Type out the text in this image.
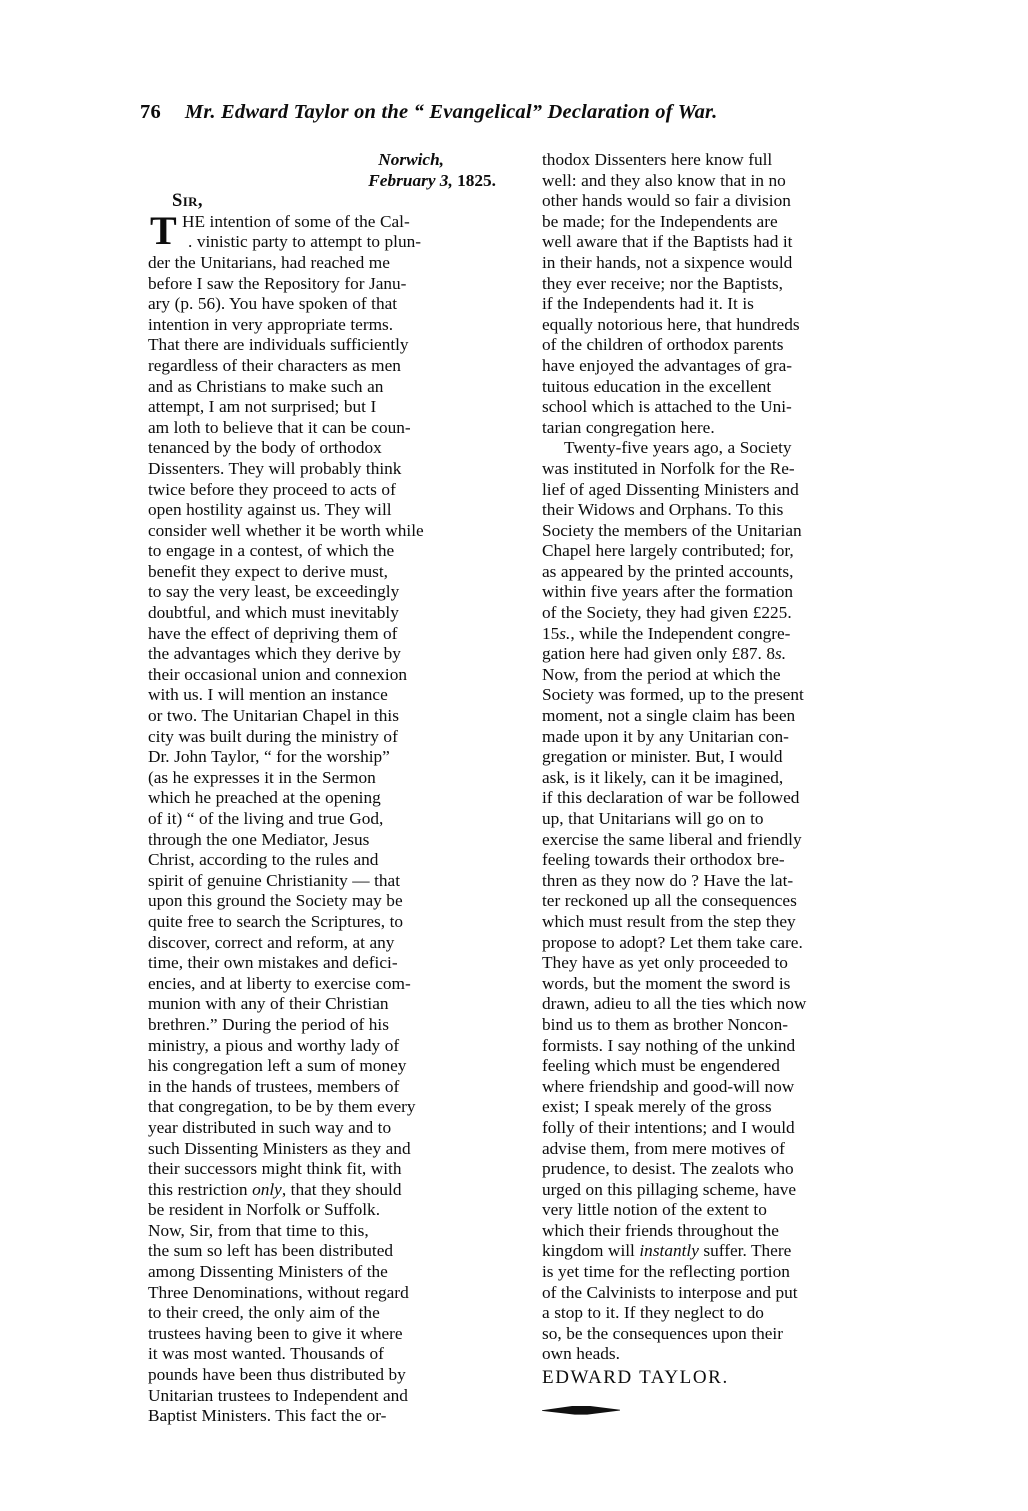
76 Mr. Edward Taylor on the “ Evangelical” Declaration of War.
Norwich,
February 3, 1825.
Sir,
T HE intention of some of the Cal-
. vinistic party to attempt to plun-
der the Unitarians, had reached me
before I saw the Repository for Janu-
ary (p. 56). You have spoken of that
intention in very appropriate terms.
That there are individuals sufficiently
regardless of their characters as men
and as Christians to make such an
attempt, I am not surprised; but I
am loth to believe that it can be coun-
tenanced by the body of orthodox
Dissenters. They will probably think
twice before they proceed to acts of
open hostility against us. They will
consider well whether it be worth while
to engage in a contest, of which the
benefit they expect to derive must,
to say the very least, be exceedingly
doubtful, and which must inevitably
have the effect of depriving them of
the advantages which they derive by
their occasional union and connexion
with us. I will mention an instance
or two. The Unitarian Chapel in this
city was built during the ministry of
Dr. John Taylor, “ for the worship”
(as he expresses it in the Sermon
which he preached at the opening
of it) “ of the living and true God,
through the one Mediator, Jesus
Christ, according to the rules and
spirit of genuine Christianity — that
upon this ground the Society may be
quite free to search the Scriptures, to
discover, correct and reform, at any
time, their own mistakes and defici-
encies, and at liberty to exercise com-
munion with any of their Christian
brethren.” During the period of his
ministry, a pious and worthy lady of
his congregation left a sum of money
in the hands of trustees, members of
that congregation, to be by them every
year distributed in such way and to
such Dissenting Ministers as they and
their successors might think fit, with
this restriction only, that they should
be resident in Norfolk or Suffolk.
Now, Sir, from that time to this,
the sum so left has been distributed
among Dissenting Ministers of the
Three Denominations, without regard
to their creed, the only aim of the
trustees having been to give it where
it was most wanted. Thousands of
pounds have been thus distributed by
Unitarian trustees to Independent and
Baptist Ministers. This fact the or-
thodox Dissenters here know full
well: and they also know that in no
other hands would so fair a division
be made; for the Independents are
well aware that if the Baptists had it
in their hands, not a sixpence would
they ever receive; nor the Baptists,
if the Independents had it. It is
equally notorious here, that hundreds
of the children of orthodox parents
have enjoyed the advantages of gra-
tuitous education in the excellent
school which is attached to the Uni-
tarian congregation here.
Twenty-five years ago, a Society
was instituted in Norfolk for the Re-
lief of aged Dissenting Ministers and
their Widows and Orphans. To this
Society the members of the Unitarian
Chapel here largely contributed; for,
as appeared by the printed accounts,
within five years after the formation
of the Society, they had given £225.
15s., while the Independent congre-
gation here had given only £87. 8s.
Now, from the period at which the
Society was formed, up to the present
moment, not a single claim has been
made upon it by any Unitarian con-
gregation or minister. But, I would
ask, is it likely, can it be imagined,
if this declaration of war be followed
up, that Unitarians will go on to
exercise the same liberal and friendly
feeling towards their orthodox bre-
thren as they now do ? Have the lat-
ter reckoned up all the consequences
which must result from the step they
propose to adopt? Let them take care.
They have as yet only proceeded to
words, but the moment the sword is
drawn, adieu to all the ties which now
bind us to them as brother Noncon-
formists. I say nothing of the unkind
feeling which must be engendered
where friendship and good-will now
exist; I speak merely of the gross
folly of their intentions; and I would
advise them, from mere motives of
prudence, to desist. The zealots who
urged on this pillaging scheme, have
very little notion of the extent to
which their friends throughout the
kingdom will instantly suffer. There
is yet time for the reflecting portion
of the Calvinists to interpose and put
a stop to it. If they neglect to do
so, be the consequences upon their
own heads.
EDWARD TAYLOR.
